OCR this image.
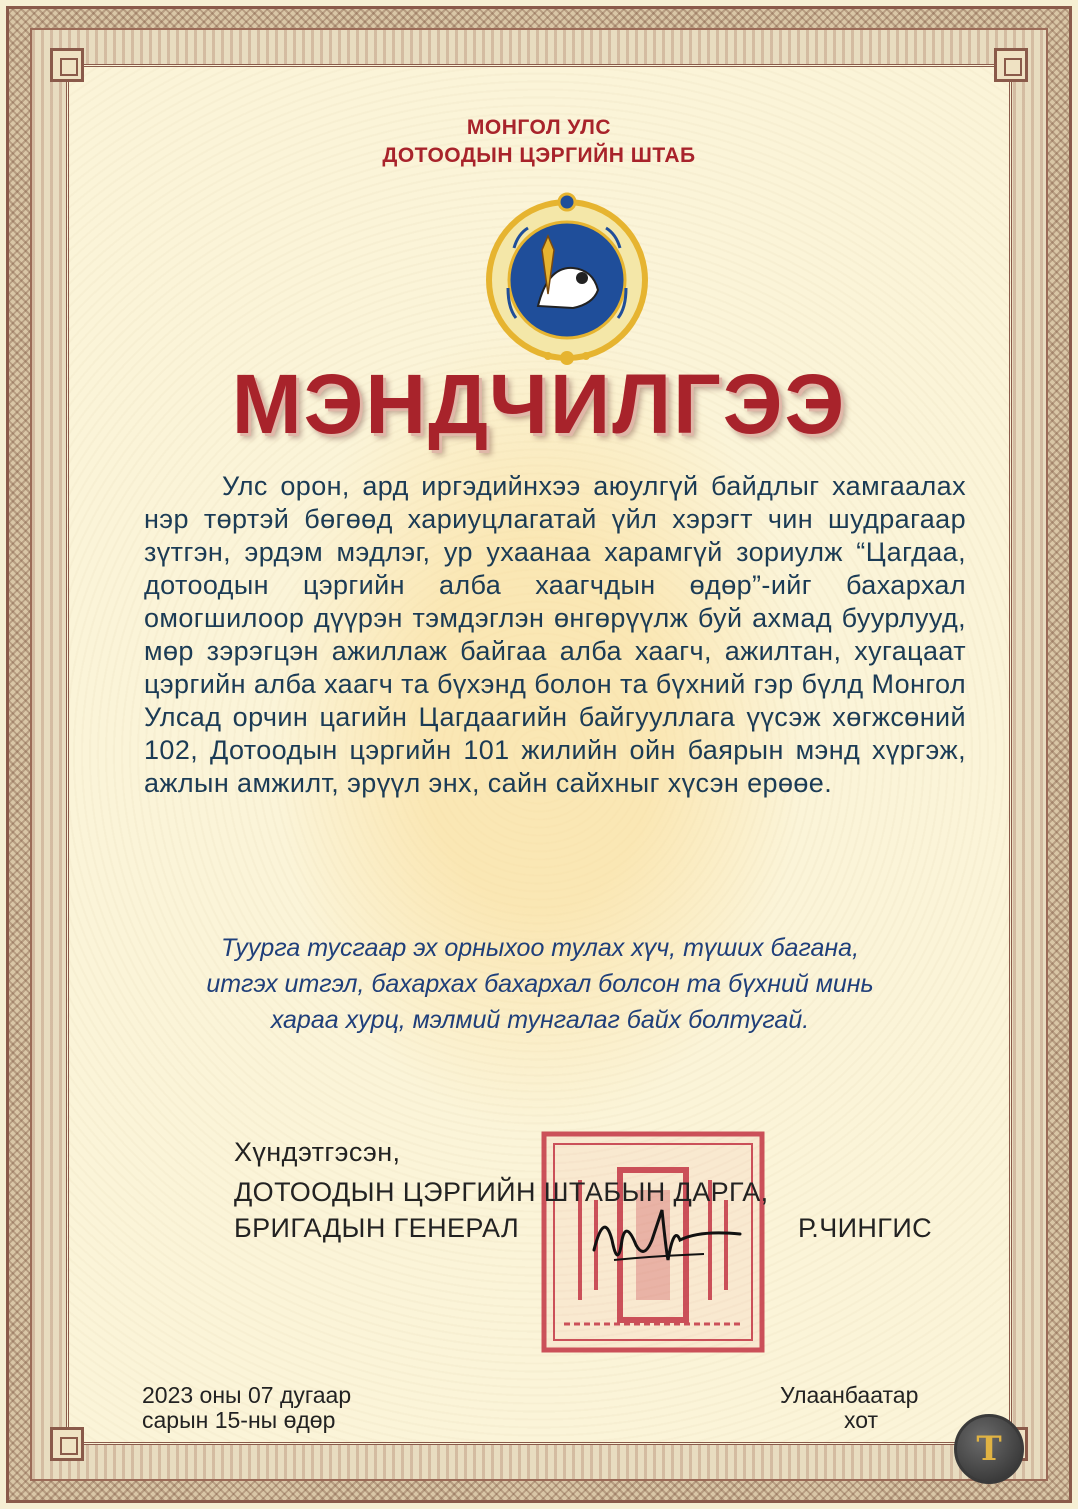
МОНГОЛ УЛС
ДОТООДЫН ЦЭРГИЙН ШТАБ
МЭНДЧИЛГЭЭ
Улс орон, ард иргэдийнхээ аюулгүй байдлыг хамгаалах нэр төртэй бөгөөд хариуцлагатай үйл хэрэгт чин шудрагаар зүтгэн, эрдэм мэдлэг, ур ухаанаа харамгүй зориулж “Цагдаа, дотоодын цэргийн алба хаагчдын өдөр”-ийг бахархал омогшилоор дүүрэн тэмдэглэн өнгөрүүлж буй ахмад буурлууд, мөр зэрэгцэн ажиллаж байгаа алба хаагч, ажилтан, хугацаат цэргийн алба хаагч та бүхэнд болон та бүхний гэр бүлд Монгол Улсад орчин цагийн Цагдаагийн байгууллага үүсэж хөгжсөний 102, Дотоодын цэргийн 101 жилийн ойн баярын мэнд хүргэж, ажлын амжилт, эрүүл энх, сайн сайхныг хүсэн ерөөе.
Туурга тусгаар эх орныхоо тулах хүч, түших багана,
итгэх итгэл, бахархах бахархал болсон та бүхний минь
хараа хурц, мэлмий тунгалаг байх болтугай.
Хүндэтгэсэн,
ДОТООДЫН ЦЭРГИЙН ШТАБЫН ДАРГА,
БРИГАДЫН ГЕНЕРАЛ	Р.ЧИНГИС
2023 оны 07 дугаар
сарын 15-ны өдөр
Улаанбаатар
хот
T
